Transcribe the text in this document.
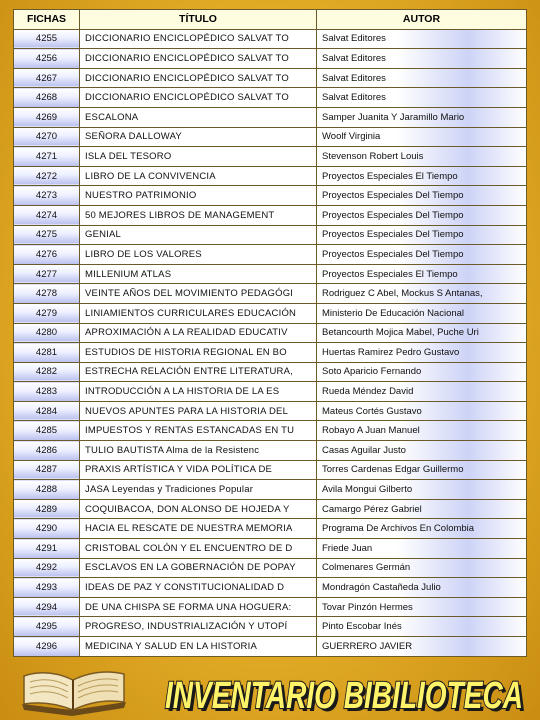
FICHAS	TÍTULO	AUTOR
4255	DICCIONARIO ENCICLOPÉDICO SALVAT TO	Salvat Editores
4256	DICCIONARIO ENCICLOPÉDICO SALVAT TO	Salvat Editores
4267	DICCIONARIO ENCICLOPÉDICO SALVAT TO	Salvat Editores
4268	DICCIONARIO ENCICLOPÉDICO SALVAT TO	Salvat Editores
4269	ESCALONA	Samper Juanita Y Jaramillo Mario
4270	SEÑORA DALLOWAY	Woolf Virginia
4271	ISLA DEL TESORO	Stevenson Robert Louis
4272	LIBRO DE LA CONVIVENCIA	Proyectos Especiales El Tiempo
4273	NUESTRO PATRIMONIO	Proyectos Especiales Del Tiempo
4274	50 MEJORES LIBROS DE MANAGEMENT	Proyectos Especiales Del Tiempo
4275	GENIAL	Proyectos Especiales Del Tiempo
4276	LIBRO DE LOS VALORES	Proyectos Especiales Del Tiempo
4277	MILLENIUM ATLAS	Proyectos Especiales El Tiempo
4278	VEINTE AÑOS DEL MOVIMIENTO PEDAGÓGI	Rodriguez C Abel, Mockus S Antanas,
4279	LINIAMIENTOS CURRICULARES EDUCACIÓN	Ministerio De Educación Nacional
4280	APROXIMACIÓN A LA REALIDAD EDUCATIV	Betancourth Mojica Mabel, Puche Uri
4281	ESTUDIOS DE HISTORIA REGIONAL EN BO	Huertas Ramirez Pedro Gustavo
4282	ESTRECHA RELACIÓN ENTRE LITERATURA,	Soto Aparicio Fernando
4283	INTRODUCCIÓN A LA HISTORIA DE LA ES	Rueda Méndez David
4284	NUEVOS APUNTES PARA LA HISTORIA DEL	Mateus Cortés Gustavo
4285	IMPUESTOS Y RENTAS ESTANCADAS EN TU	Robayo A Juan Manuel
4286	TULIO BAUTISTA Alma de la Resistenc	Casas Aguilar Justo
4287	PRAXIS ARTÍSTICA Y VIDA POLÍTICA DE	Torres Cardenas Edgar Guillermo
4288	JASA Leyendas y Tradiciones Popular	Avila Mongui Gilberto
4289	COQUIBACOA, DON ALONSO DE HOJEDA Y	Camargo Pérez Gabriel
4290	HACIA EL RESCATE DE NUESTRA MEMORIA	Programa De Archivos En Colombia
4291	CRISTOBAL COLÓN Y EL ENCUENTRO DE D	Friede Juan
4292	ESCLAVOS EN LA GOBERNACIÓN DE POPAY	Colmenares Germán
4293	IDEAS DE PAZ Y CONSTITUCIONALIDAD D	Mondragón Castañeda Julio
4294	DE UNA CHISPA SE FORMA UNA HOGUERA:	Tovar Pinzón Hermes
4295	PROGRESO, INDUSTRIALIZACIÓN Y UTOPÍ	Pinto Escobar Inés
4296	MEDICINA Y SALUD EN LA HISTORIA	GUERRERO JAVIER
INVENTARIO BIBILIOTECA
INVENTARIO BIBILIOTECA
